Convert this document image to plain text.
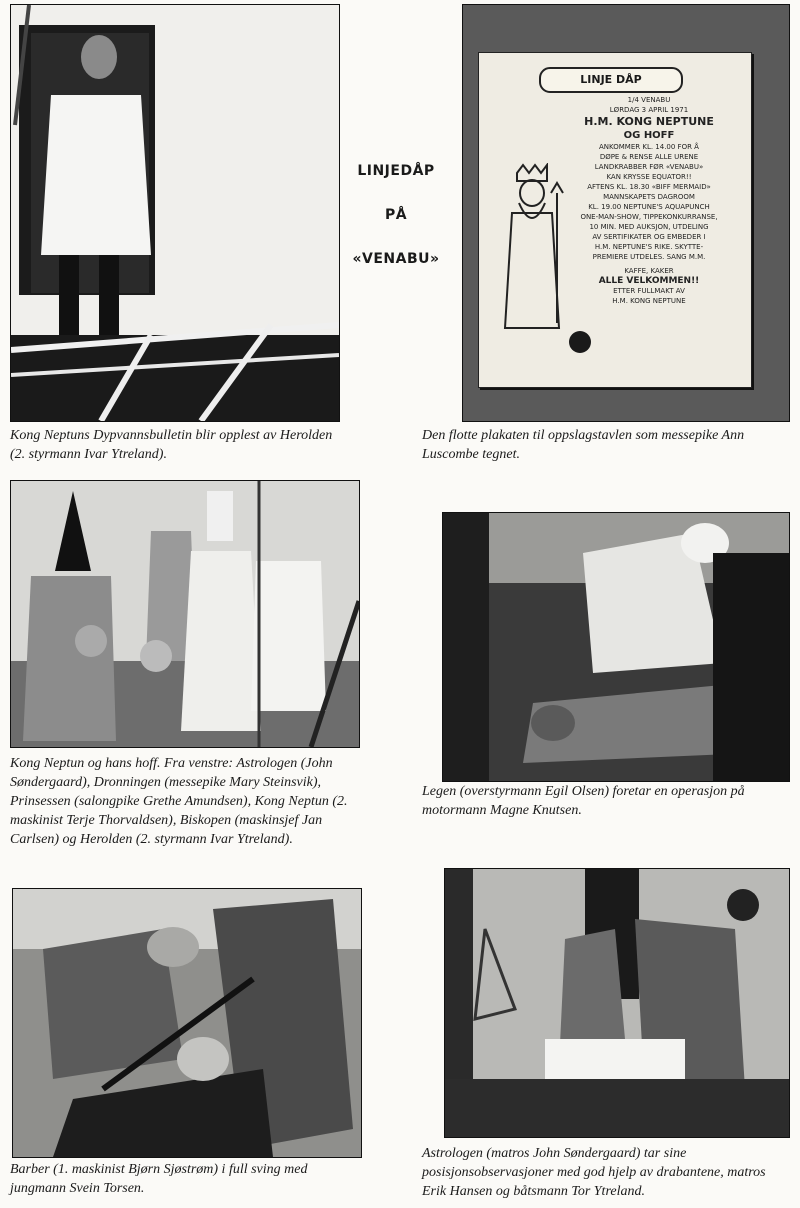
LINJEDÅP
PÅ
«VENABU»
LINJE DÅP
1/4 VENABU
LØRDAG 3 APRIL 1971
H.M. KONG NEPTUNE
OG HOFF
ANKOMMER KL. 14.00 FOR Å
DØPE & RENSE ALLE URENE
LANDKRABBER FØR «VENABU»
KAN KRYSSE EQUATOR!!
AFTENS KL. 18.30 «BIFF MERMAID»
MANNSKAPETS DAGROOM
KL. 19.00 NEPTUNE'S AQUAPUNCH
ONE-MAN-SHOW, TIPPEKONKURRANSE,
10 MIN. MED AUKSJON, UTDELING
AV SERTIFIKATER OG EMBEDER I
H.M. NEPTUNE'S RIKE. SKYTTE-
PREMIERE UTDELES. SANG M.M.
KAFFE, KAKER
ALLE VELKOMMEN!!
ETTER FULLMAKT AV
H.M. KONG NEPTUNE

Kong Neptuns Dypvannsbulletin blir opplest av Herolden (2. styrmann Ivar Ytreland).

Den flotte plakaten til oppslagstavlen som messepike Ann Luscombe tegnet.

Kong Neptun og hans hoff. Fra venstre: Astrologen (John Søndergaard), Dronningen (messepike Mary Steinsvik), Prinsessen (salongpike Grethe Amundsen), Kong Neptun (2. maskinist Terje Thorvaldsen), Biskopen (maskinsjef Jan Carlsen) og Herolden (2. styrmann Ivar Ytreland).

Legen (overstyrmann Egil Olsen) foretar en operasjon på motormann Magne Knutsen.

Barber (1. maskinist Bjørn Sjøstrøm) i full sving med jungmann Svein Torsen.

Astrologen (matros John Søndergaard) tar sine posisjonsobservasjoner med god hjelp av drabantene, matros Erik Hansen og båtsmann Tor Ytreland.
